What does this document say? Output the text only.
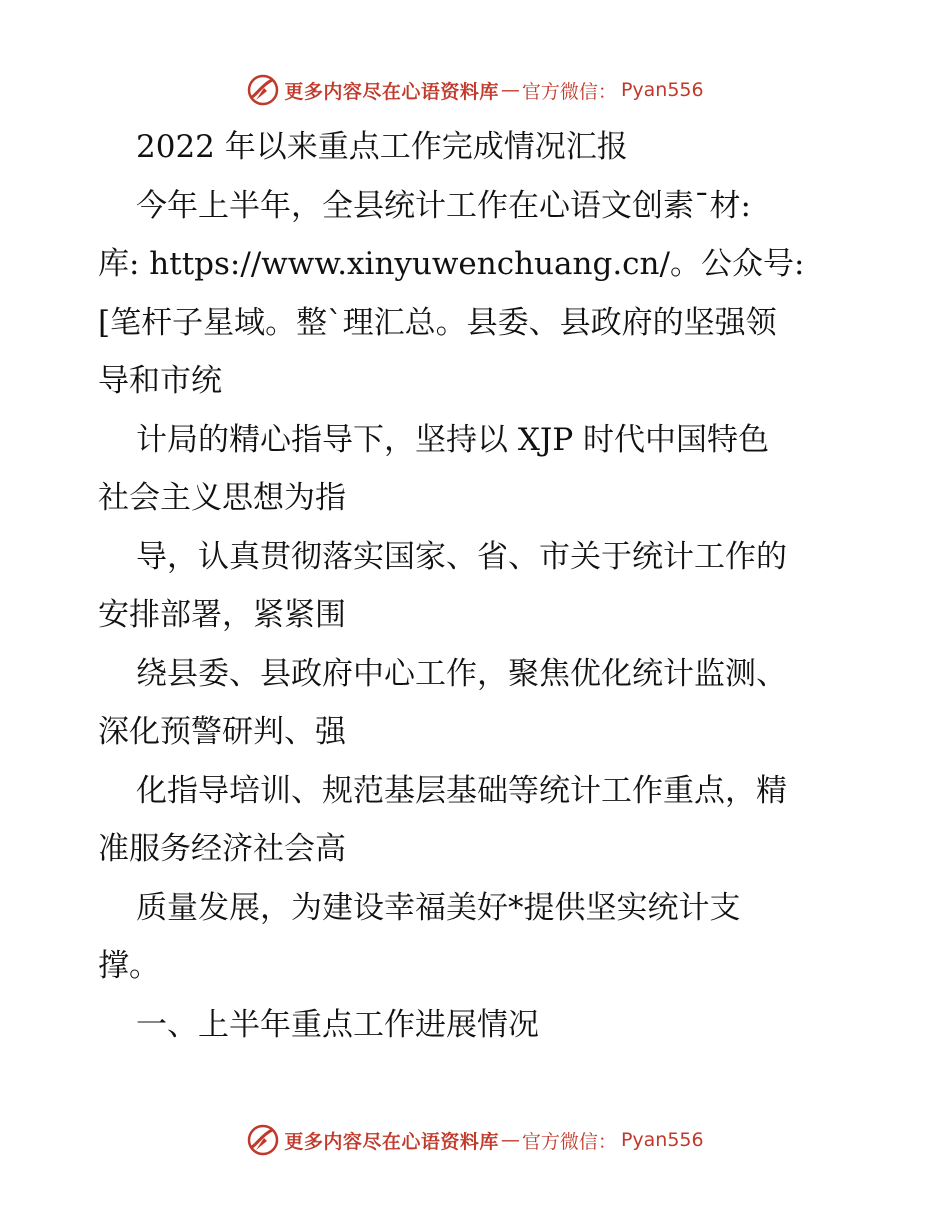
更多内容尽在心语资料库 — 官方微信： Pyan556
2022 年以来重点工作完成情况汇报
今年上半年，全县统计工作在心语文创素¯材:
库: https://www.xinyuwenchuang.cn/。公众号:
[笔杆子星域。整ˋ理汇总。县委、县政府的坚强领
导和市统
计局的精心指导下，坚持以 XJP 时代中国特色
社会主义思想为指
导，认真贯彻落实国家、省、市关于统计工作的
安排部署，紧紧围
绕县委、县政府中心工作，聚焦优化统计监测、
深化预警研判、强
化指导培训、规范基层基础等统计工作重点，精
准服务经济社会高
质量发展，为建设幸福美好*提供坚实统计支
撑。
一、上半年重点工作进展情况
更多内容尽在心语资料库 — 官方微信： Pyan556
